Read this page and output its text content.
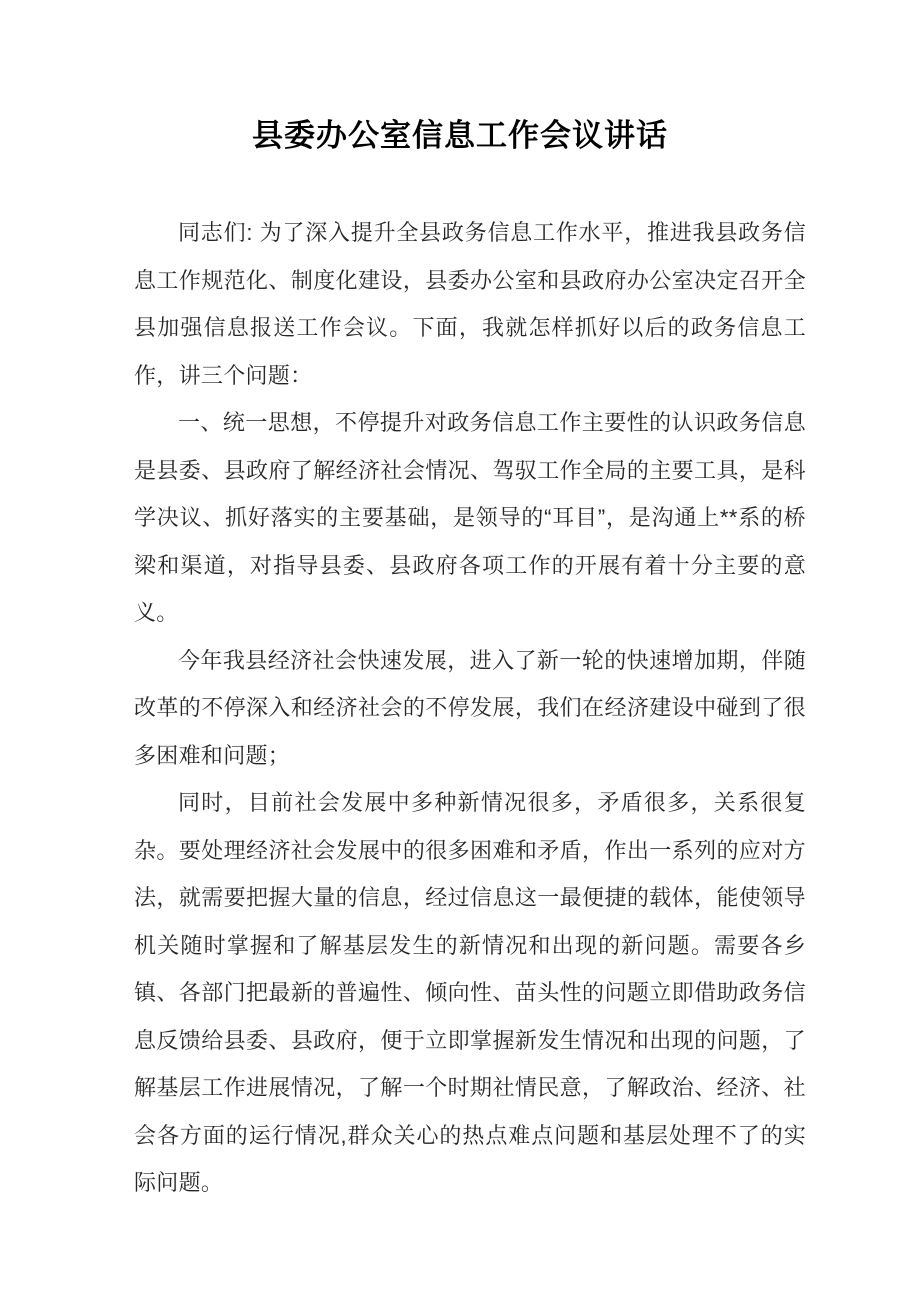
县委办公室信息工作会议讲话

同志们: 为了深入提升全县政务信息工作水平，推进我县政务信息工作规范化、制度化建设，县委办公室和县政府办公室决定召开全县加强信息报送工作会议。下面，我就怎样抓好以后的政务信息工作，讲三个问题：

一、统一思想，不停提升对政务信息工作主要性的认识政务信息是县委、县政府了解经济社会情况、驾驭工作全局的主要工具，是科学决议、抓好落实的主要基础，是领导的“耳目”，是沟通上**系的桥梁和渠道，对指导县委、县政府各项工作的开展有着十分主要的意义。

今年我县经济社会快速发展，进入了新一轮的快速增加期，伴随改革的不停深入和经济社会的不停发展，我们在经济建设中碰到了很多困难和问题；

同时，目前社会发展中多种新情况很多，矛盾很多，关系很复杂。要处理经济社会发展中的很多困难和矛盾，作出一系列的应对方法，就需要把握大量的信息，经过信息这一最便捷的载体，能使领导机关随时掌握和了解基层发生的新情况和出现的新问题。需要各乡镇、各部门把最新的普遍性、倾向性、苗头性的问题立即借助政务信息反馈给县委、县政府，便于立即掌握新发生情况和出现的问题，了解基层工作进展情况，了解一个时期社情民意，了解政治、经济、社会各方面的运行情况,群众关心的热点难点问题和基层处理不了的实际问题。
